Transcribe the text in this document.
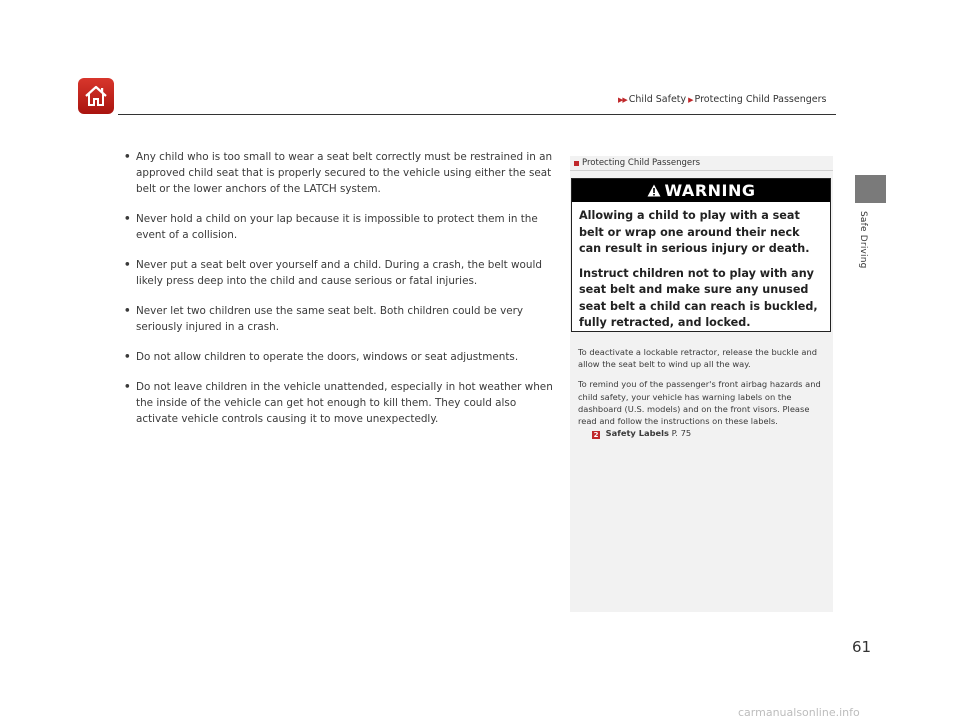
▶▶ Child Safety ▶ Protecting Child Passengers
Safe Driving
• Any child who is too small to wear a seat belt correctly must be restrained in an approved child seat that is properly secured to the vehicle using either the seat belt or the lower anchors of the LATCH system.
• Never hold a child on your lap because it is impossible to protect them in the event of a collision.
• Never put a seat belt over yourself and a child. During a crash, the belt would likely press deep into the child and cause serious or fatal injuries.
• Never let two children use the same seat belt. Both children could be very seriously injured in a crash.
• Do not allow children to operate the doors, windows or seat adjustments.
• Do not leave children in the vehicle unattended, especially in hot weather when the inside of the vehicle can get hot enough to kill them. They could also activate vehicle controls causing it to move unexpectedly.
Protecting Child Passengers
WARNING

Allowing a child to play with a seat belt or wrap one around their neck can result in serious injury or death.

Instruct children not to play with any seat belt and make sure any unused seat belt a child can reach is buckled, fully retracted, and locked.

To deactivate a lockable retractor, release the buckle and allow the seat belt to wind up all the way.

To remind you of the passenger's front airbag hazards and child safety, your vehicle has warning labels on the dashboard (U.S. models) and on the front visors. Please read and follow the instructions on these labels.

2 Safety Labels P. 75
61
carmanualsonline.info
